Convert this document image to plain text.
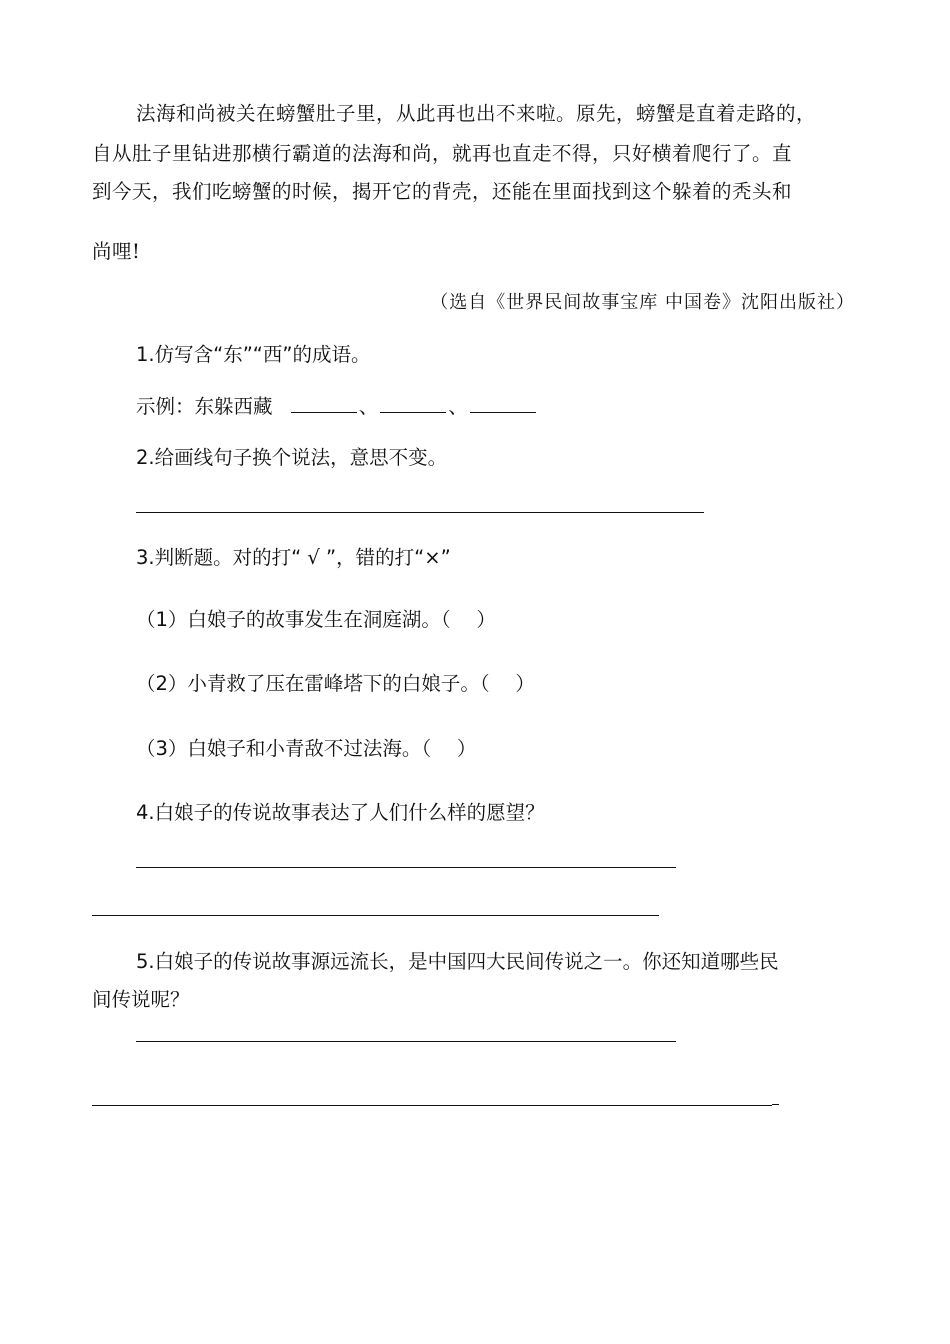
法海和尚被关在螃蟹肚子里，从此再也出不来啦。原先，螃蟹是直着走路的，
自从肚子里钻进那横行霸道的法海和尚，就再也直走不得，只好横着爬行了。直
到今天，我们吃螃蟹的时候，揭开它的背壳，还能在里面找到这个躲着的秃头和
尚哩!
（选自《世界民间故事宝库 中国卷》沈阳出版社）
1.仿写含“东”“西”的成语。
示例：东躲西藏	、	、
2.给画线句子换个说法，意思不变。
3.判断题。对的打“ √ ”，错的打“×”
（1）白娘子的故事发生在洞庭湖。（　 ）
（2）小青救了压在雷峰塔下的白娘子。（　 ）
（3）白娘子和小青敌不过法海。（　 ）
4.白娘子的传说故事表达了人们什么样的愿望？
5.白娘子的传说故事源远流长，是中国四大民间传说之一。你还知道哪些民
间传说呢？
